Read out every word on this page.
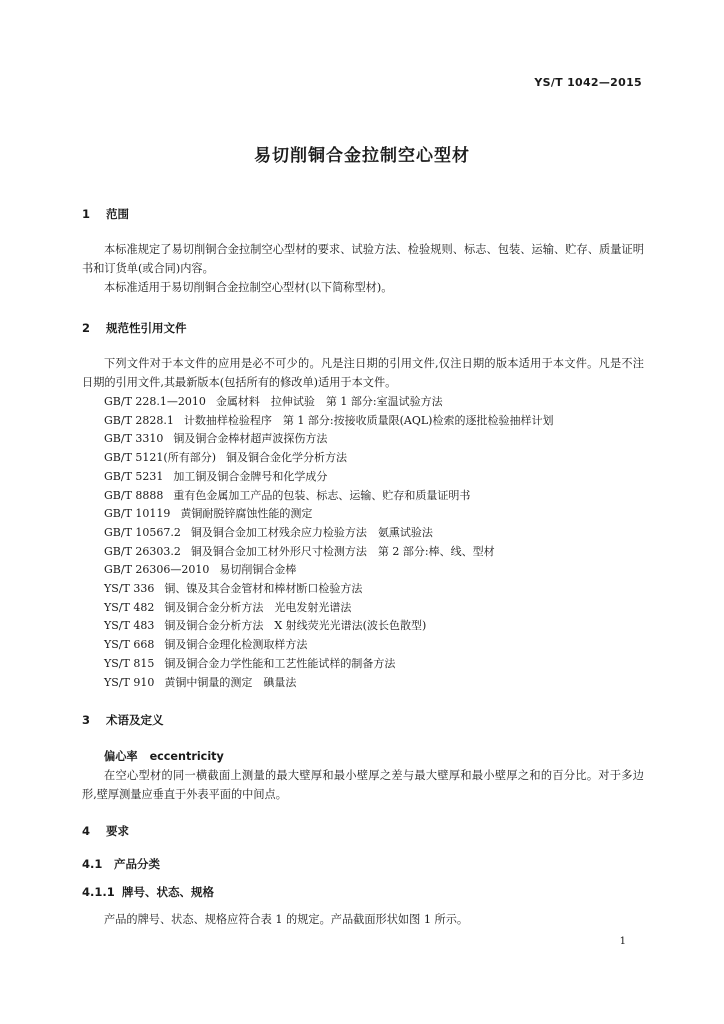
YS/T 1042—2015
易切削铜合金拉制空心型材
1 范围
本标准规定了易切削铜合金拉制空心型材的要求、试验方法、检验规则、标志、包装、运输、贮存、质量证明书和订货单(或合同)内容。
本标准适用于易切削铜合金拉制空心型材(以下简称型材)。
2 规范性引用文件
下列文件对于本文件的应用是必不可少的。凡是注日期的引用文件,仅注日期的版本适用于本文件。凡是不注日期的引用文件,其最新版本(包括所有的修改单)适用于本文件。
GB/T 228.1—2010 金属材料　拉伸试验　第 1 部分:室温试验方法
GB/T 2828.1 计数抽样检验程序　第 1 部分:按接收质量限(AQL)检索的逐批检验抽样计划
GB/T 3310 铜及铜合金棒材超声波探伤方法
GB/T 5121(所有部分) 铜及铜合金化学分析方法
GB/T 5231 加工铜及铜合金牌号和化学成分
GB/T 8888 重有色金属加工产品的包装、标志、运输、贮存和质量证明书
GB/T 10119 黄铜耐脱锌腐蚀性能的测定
GB/T 10567.2 铜及铜合金加工材残余应力检验方法　氨熏试验法
GB/T 26303.2 铜及铜合金加工材外形尺寸检测方法　第 2 部分:棒、线、型材
GB/T 26306—2010 易切削铜合金棒
YS/T 336 铜、镍及其合金管材和棒材断口检验方法
YS/T 482 铜及铜合金分析方法　光电发射光谱法
YS/T 483 铜及铜合金分析方法　X 射线荧光光谱法(波长色散型)
YS/T 668 铜及铜合金理化检测取样方法
YS/T 815 铜及铜合金力学性能和工艺性能试样的制备方法
YS/T 910 黄铜中铜量的测定　碘量法
3 术语及定义
偏心率 eccentricity
在空心型材的同一横截面上测量的最大壁厚和最小壁厚之差与最大壁厚和最小壁厚之和的百分比。对于多边形,壁厚测量应垂直于外表平面的中间点。
4 要求
4.1 产品分类
4.1.1 牌号、状态、规格
产品的牌号、状态、规格应符合表 1 的规定。产品截面形状如图 1 所示。
1
